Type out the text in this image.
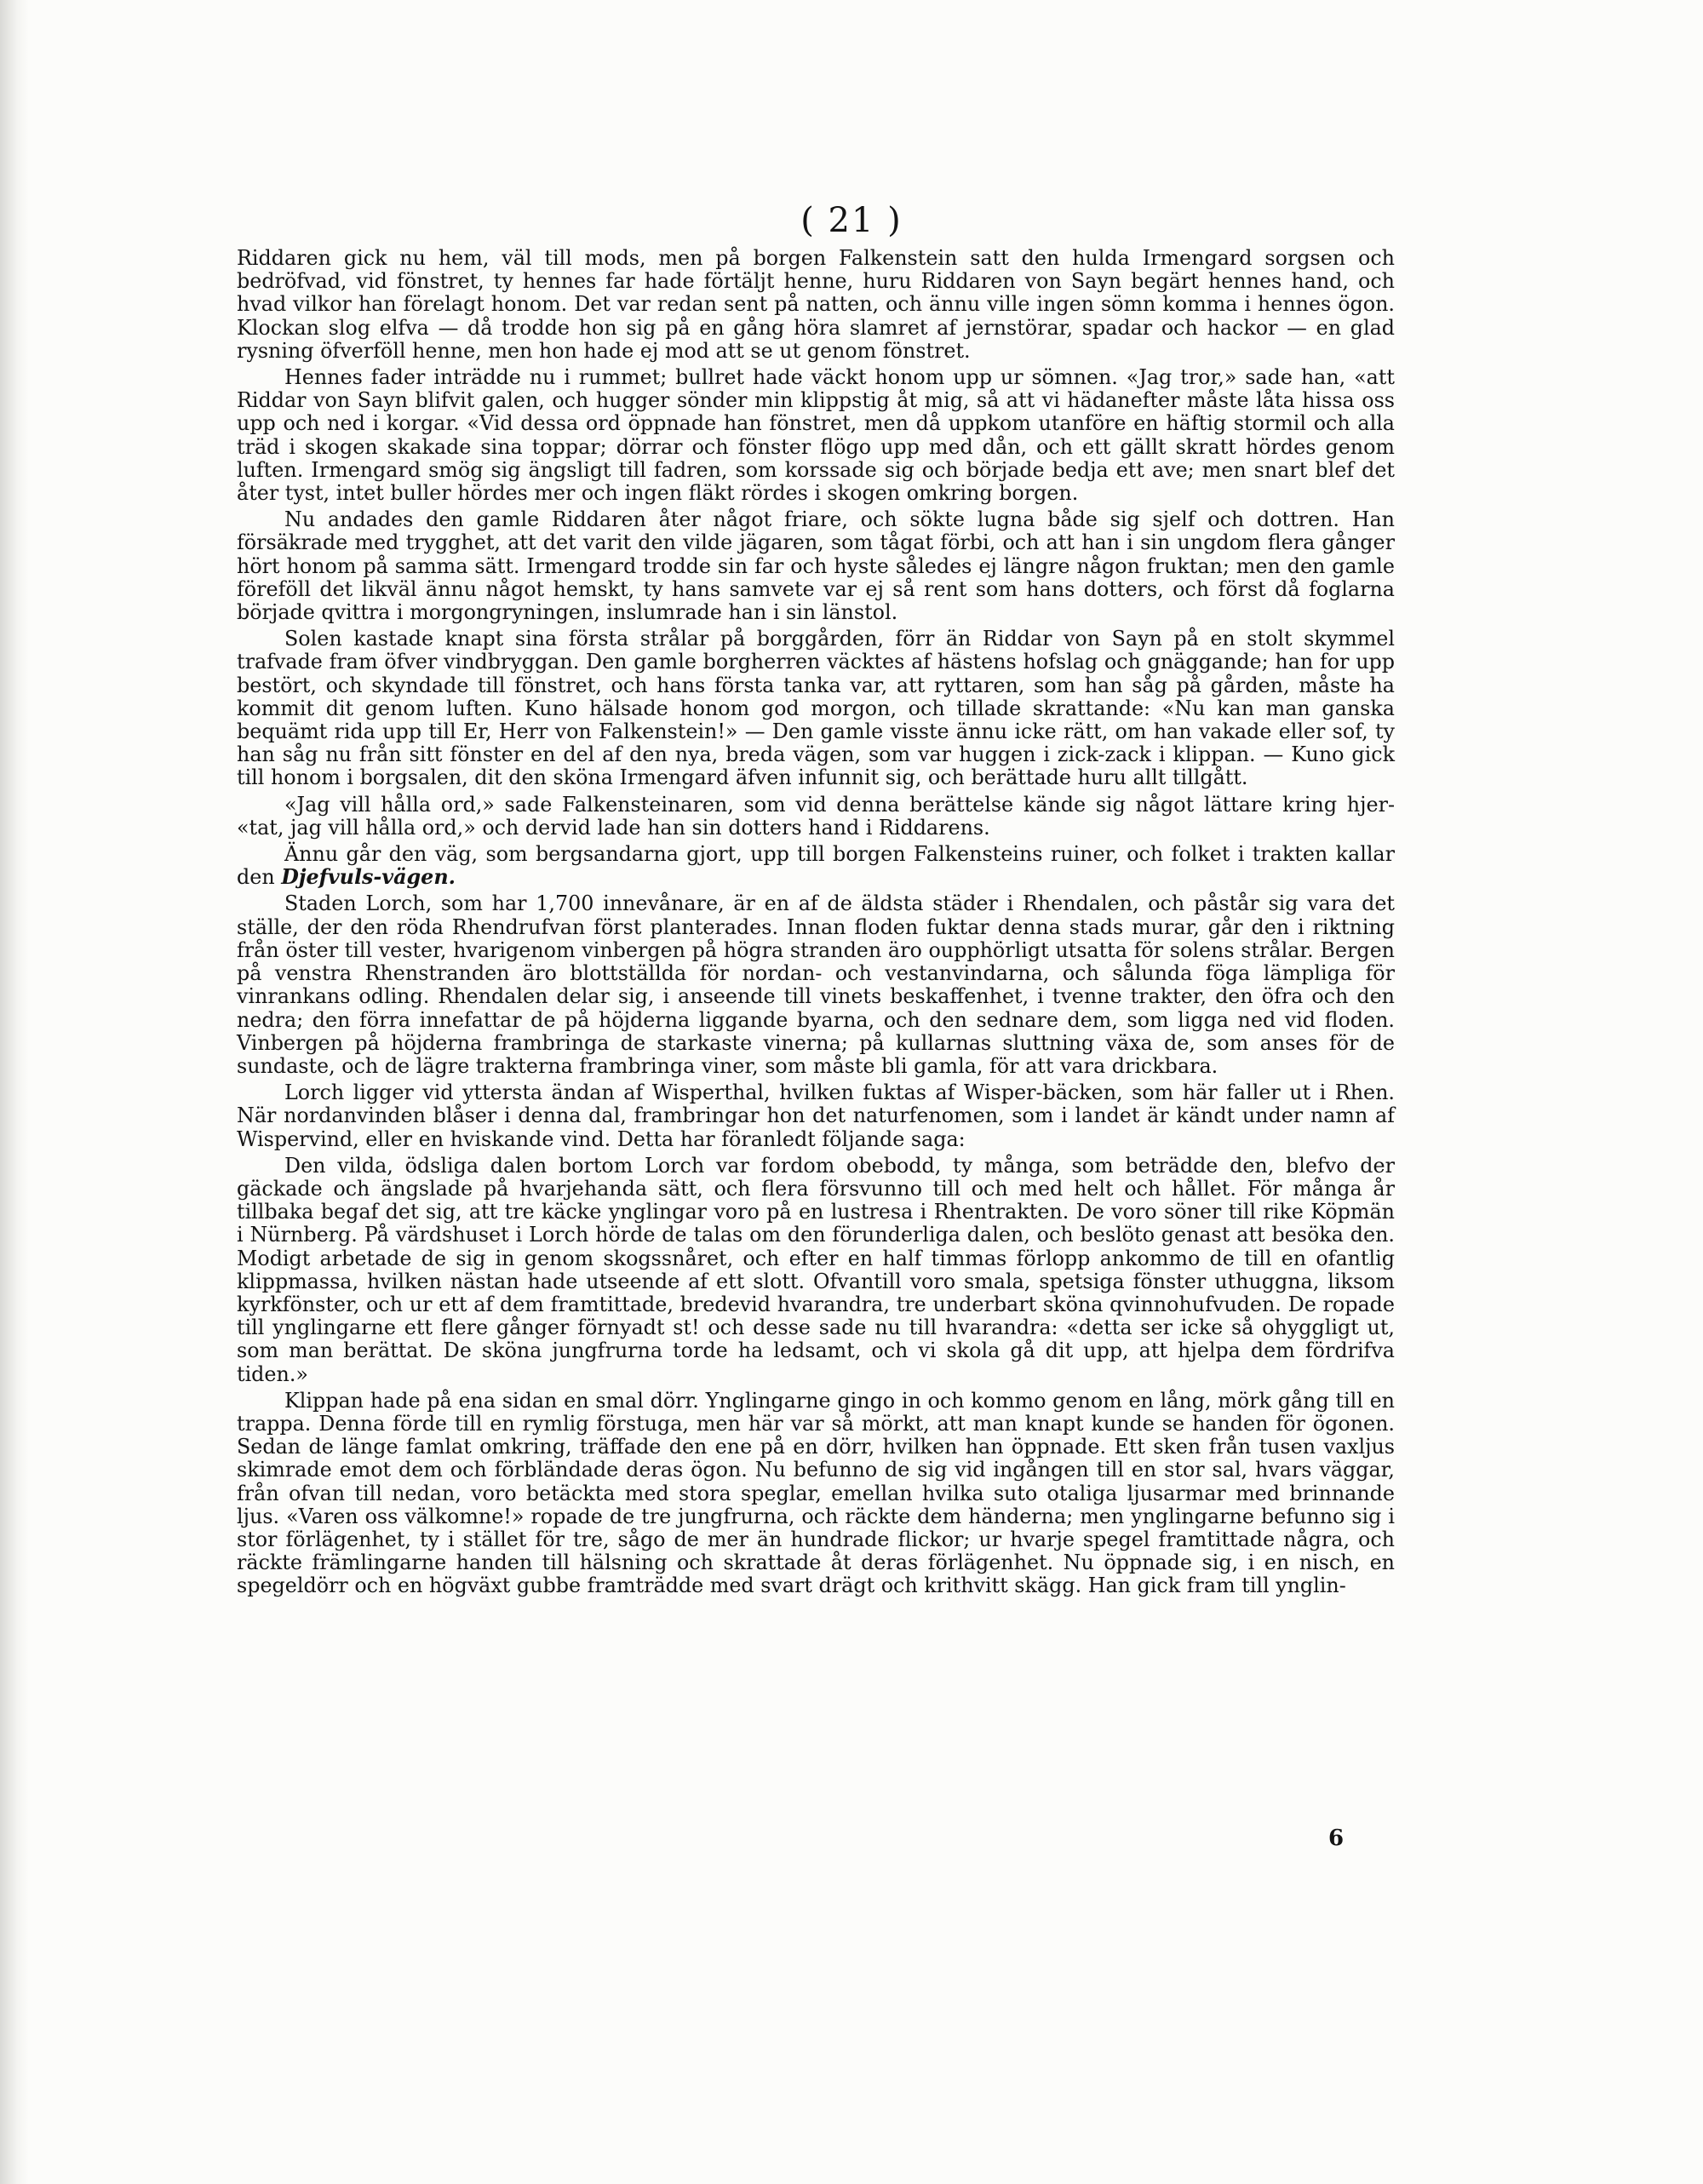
( 21 )

Riddaren gick nu hem, väl till mods, men på borgen Falkenstein satt den hulda Irmengard sorgsen och bedröfvad, vid fönstret, ty hennes far hade förtäljt henne, huru Riddaren von Sayn begärt hennes hand, och hvad vilkor han förelagt honom. Det var redan sent på natten, och ännu ville ingen sömn komma i hennes ögon. Klockan slog elfva — då trodde hon sig på en gång höra slamret af jernstörar, spadar och hackor — en glad rysning öfverföll henne, men hon hade ej mod att se ut genom fönstret.

Hennes fader inträdde nu i rummet; bullret hade väckt honom upp ur sömnen. «Jag tror,» sade han, «att Riddar von Sayn blifvit galen, och hugger sönder min klippstig åt mig, så att vi hädanefter måste låta hissa oss upp och ned i korgar. «Vid dessa ord öppnade han fönstret, men då uppkom utanföre en häftig stormil och alla träd i skogen skakade sina toppar; dörrar och fönster flögo upp med dån, och ett gällt skratt hördes genom luften. Irmengard smög sig ängsligt till fadren, som korssade sig och började bedja ett ave; men snart blef det åter tyst, intet buller hördes mer och ingen fläkt rördes i skogen omkring borgen.

Nu andades den gamle Riddaren åter något friare, och sökte lugna både sig sjelf och dottren. Han försäkrade med trygghet, att det varit den vilde jägaren, som tågat förbi, och att han i sin ungdom flera gånger hört honom på samma sätt. Irmengard trodde sin far och hyste således ej längre någon fruktan; men den gamle föreföll det likväl ännu något hemskt, ty hans samvete var ej så rent som hans dotters, och först då foglarna började qvittra i morgongryningen, inslumrade han i sin länstol.

Solen kastade knapt sina första strålar på borggården, förr än Riddar von Sayn på en stolt skymmel trafvade fram öfver vindbryggan. Den gamle borgherren väcktes af hästens hofslag och gnäggande; han for upp bestört, och skyndade till fönstret, och hans första tanka var, att ryttaren, som han såg på gården, måste ha kommit dit genom luften. Kuno hälsade honom god morgon, och tillade skrattande: «Nu kan man ganska bequämt rida upp till Er, Herr von Falkenstein!» — Den gamle visste ännu icke rätt, om han vakade eller sof, ty han såg nu från sitt fönster en del af den nya, breda vägen, som var huggen i zick-zack i klippan. — Kuno gick till honom i borgsalen, dit den sköna Irmengard äfven infunnit sig, och berättade huru allt tillgått.

«Jag vill hålla ord,» sade Falkensteinaren, som vid denna berättelse kände sig något lättare kring hjer- «tat, jag vill hålla ord,» och dervid lade han sin dotters hand i Riddarens.

Ännu går den väg, som bergsandarna gjort, upp till borgen Falkensteins ruiner, och folket i trakten kallar den Djefvuls-vägen.

Staden Lorch, som har 1,700 innevånare, är en af de äldsta städer i Rhendalen, och påstår sig vara det ställe, der den röda Rhendrufvan först planterades. Innan floden fuktar denna stads murar, går den i riktning från öster till vester, hvarigenom vinbergen på högra stranden äro oupphörligt utsatta för solens strålar. Bergen på venstra Rhenstranden äro blottställda för nordan- och vestanvindarna, och sålunda föga lämpliga för vinrankans odling. Rhendalen delar sig, i anseende till vinets beskaffenhet, i tvenne trakter, den öfra och den nedra; den förra innefattar de på höjderna liggande byarna, och den sednare dem, som ligga ned vid floden. Vinbergen på höjderna frambringa de starkaste vinerna; på kullarnas sluttning växa de, som anses för de sundaste, och de lägre trakterna frambringa viner, som måste bli gamla, för att vara drickbara.

Lorch ligger vid yttersta ändan af Wisperthal, hvilken fuktas af Wisper-bäcken, som här faller ut i Rhen. När nordanvinden blåser i denna dal, frambringar hon det naturfenomen, som i landet är kändt under namn af Wispervind, eller en hviskande vind. Detta har föranledt följande saga:

Den vilda, ödsliga dalen bortom Lorch var fordom obebodd, ty många, som beträdde den, blefvo der gäckade och ängslade på hvarjehanda sätt, och flera försvunno till och med helt och hållet. För många år tillbaka begaf det sig, att tre käcke ynglingar voro på en lustresa i Rhentrakten. De voro söner till rike Köpmän i Nürnberg. På värdshuset i Lorch hörde de talas om den förunderliga dalen, och beslöto genast att besöka den. Modigt arbetade de sig in genom skogssnåret, och efter en half timmas förlopp ankommo de till en ofantlig klippmassa, hvilken nästan hade utseende af ett slott. Ofvantill voro smala, spetsiga fönster uthuggna, liksom kyrkfönster, och ur ett af dem framtittade, bredevid hvarandra, tre underbart sköna qvinnohufvuden. De ropade till ynglingarne ett flere gånger förnyadt st! och desse sade nu till hvarandra: «detta ser icke så ohyggligt ut, som man berättat. De sköna jungfrurna torde ha ledsamt, och vi skola gå dit upp, att hjelpa dem fördrifva tiden.»

Klippan hade på ena sidan en smal dörr. Ynglingarne gingo in och kommo genom en lång, mörk gång till en trappa. Denna förde till en rymlig förstuga, men här var så mörkt, att man knapt kunde se handen för ögonen. Sedan de länge famlat omkring, träffade den ene på en dörr, hvilken han öppnade. Ett sken från tusen vaxljus skimrade emot dem och förbländade deras ögon. Nu befunno de sig vid ingången till en stor sal, hvars väggar, från ofvan till nedan, voro betäckta med stora speglar, emellan hvilka suto otaliga ljusarmar med brinnande ljus. «Varen oss välkomne!» ropade de tre jungfrurna, och räckte dem händerna; men ynglingarne befunno sig i stor förlägenhet, ty i stället för tre, sågo de mer än hundrade flickor; ur hvarje spegel framtittade några, och räckte främlingarne handen till hälsning och skrattade åt deras förlägenhet. Nu öppnade sig, i en nisch, en spegeldörr och en högväxt gubbe framträdde med svart drägt och krithvitt skägg. Han gick fram till ynglin-

6
